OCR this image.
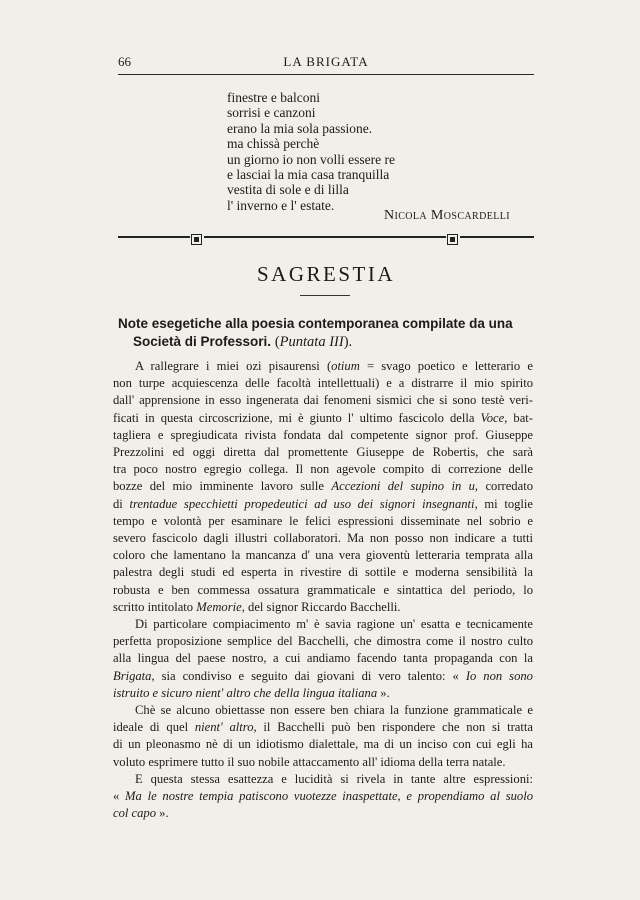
66	LA BRIGATA
finestre e balconi
sorrisi e canzoni
erano la mia sola passione.
ma chissà perchè
un giorno io non volli essere re
e lasciai la mia casa tranquilla
vestita di sole e di lilla
l' inverno e l' estate.
Nicola Moscardelli
SAGRESTIA
Note esegetiche alla poesia contemporanea compilate da una
Società di Professori. (Puntata III).
A rallegrare i miei ozi pisaurensi (otium = svago poetico e letterario e
non turpe acquiescenza delle facoltà intellettuali) e a distrarre il mio spirito
dall' apprensione in esso ingenerata dai fenomeni sismici che si sono testè veri-
ficati in questa circoscrizione, mi è giunto l' ultimo fascicolo della Voce, bat-
tagliera e spregiudicata rivista fondata dal competente signor prof. Giuseppe
Prezzolini ed oggi diretta dal promettente Giuseppe de Robertis, che sarà
tra poco nostro egregio collega. Il non agevole compito di correzione delle
bozze del mio imminente lavoro sulle Accezioni del supino in u, corredato
di trentadue specchietti propedeutici ad uso dei signori insegnanti, mi toglie
tempo e volontà per esaminare le felici espressioni disseminate nel sobrio e
severo fascicolo dagli illustri collaboratori. Ma non posso non indicare a tutti
coloro che lamentano la mancanza d' una vera gioventù letteraria temprata alla
palestra degli studi ed esperta in rivestire di sottile e moderna sensibilità la
robusta e ben commessa ossatura grammaticale e sintattica del periodo, lo
scritto intitolato Memorie, del signor Riccardo Bacchelli.
Di particolare compiacimento m' è savia ragione un' esatta e tecnicamente
perfetta proposizione semplice del Bacchelli, che dimostra come il nostro culto
alla lingua del paese nostro, a cui andiamo facendo tanta propaganda con la
Brigata, sia condiviso e seguito dai giovani di vero talento: « Io non sono
istruito e sicuro nient' altro che della lingua italiana ».
Chè se alcuno obiettasse non essere ben chiara la funzione grammaticale e
ideale di quel nient' altro, il Bacchelli può ben rispondere che non si tratta
di un pleonasmo nè di un idiotismo dialettale, ma di un inciso con cui egli ha
voluto esprimere tutto il suo nobile attaccamento all' idioma della terra natale.
E questa stessa esattezza e lucidità si rivela in tante altre espressioni:
« Ma le nostre tempia patiscono vuotezze inaspettate, e propendiamo al suolo
col capo ».
